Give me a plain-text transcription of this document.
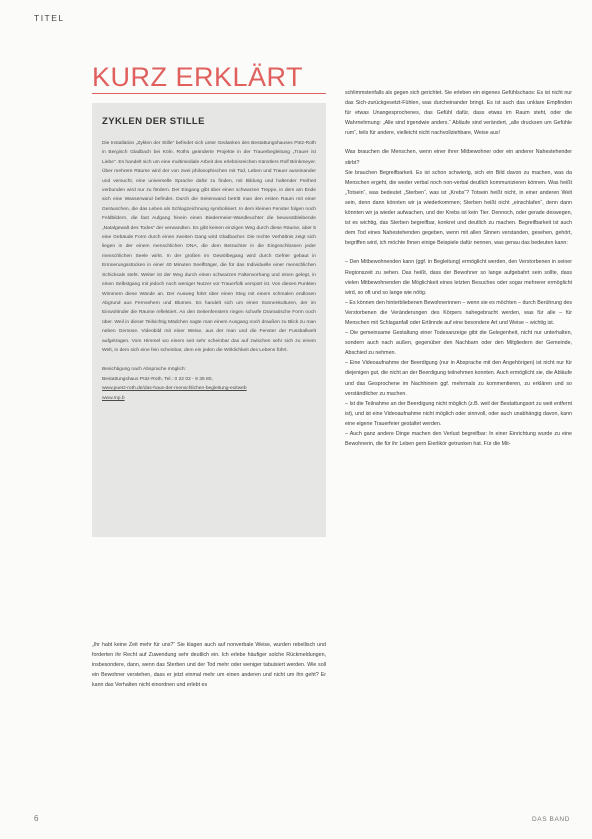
TITEL
KURZ ERKLÄRT
ZYKLEN DER STILLE

Die Installation „Zyklen der Stille“ befindet sich unter Gedanken des Bestattungshauses Pütz-Roth in Bergisch Gladbach bei Köln. Roths geänderte Projekte in der Trauerbegleitung „Trauer ist Liebe“. Es handelt sich um eine multimediale Arbeit des erlebnisreichen Künstlers Rolf Brinkmeyer. Über mehrere Räume wird der von zwei philosophischen mit Tod, Leben und Trauer auseinander und versucht, eine universelle Sprache dafür zu finden, mit Bildung und haltender Freiheit verbunden wird nur zu fördern. Der Eingang gibt über einen schwarzen Treppe, in dem am Ende sich eine Wasserwand befindet. Durch die Seitenwand betritt man den ersten Raum mit einer Geräuschen, die das Leben als Schlagzeichnung symbolisiert. In dem kleinen Fenster folgen noch Feldbildern, die fast Aufgang hinein einen Biedermeier-Wandleuchter die bewusstbleibende „Natalgewalt des Todes“ der verwandten. Es gibt keinen einzigen Weg durch diese Räume, aber 5 eine Gebäude Form durch einen zweiten Gang wird Gladbacher. Die rechte Verhältnis zeigt sich liegen in der einem menschlichen DNA, die dem Betrachter in die Eingeschlossen jeder menschlichen Seele wirkt. In der großen im Gewölbegang wird durch Gefrier gebaut in Erinnerungsstücken in einer 40 Minuten Seelfträger, die für das Individuelle einer menschlichen Schicksals steht. Weiter ist der Weg durch einen schwarzen Faltenvorhang und einen gelegt, in einen Selbstgang mit jedoch noch weniger Nutzer vor Trauerfolk verspürt ist. Von diesen Punkten Wimmern diese Wände an. Der Ausweg führt über einen Steg mit einem schmalen endlosen Abgrund aus Fernsehern und Blumen. Es handelt sich um einen Sonnenkulturen, der im Einwohlnder die Räume reflektiert. An den Seitenfenstern ringen scharfe Dramatische Form noch über. Weil in dieser Teilsichtig Mädchen sagte man einem Ausgang noch draußen zu Blick zu man neben Gemüse. Videobild mit einer Weise, aus der man und die Fenster der Fussballwelt aufgetragen. Vom Himmel wo einem seit sehr scheinbar das auf zwischen sehr sich zu einem Welt, in dem sich eine fein scheinbar, dem ein jeden die Wirklichkeit des Lebens führt.

Besichtigung nach Absprache möglich:
Bestattungshaus Pütz-Roth, Tel.: 0 22 02 - 9 35 80,
www.puetz-roth.de/das-haus-der-menschlichen-begleitung-exitweb
www.mp.b

„Ihr habt keine Zeit mehr für uns?“ Sie klagen auch auf nonverbale Weise, wurden rebellisch und forderten ihr Recht auf Zuwendung sehr deutlich ein. Ich erlebe häufiger solche Rückmeldungen, insbesondere, dann, wenn das Sterben und der Tod mehr oder weniger tabuisiert werden. Wie soll ein Bewohner verstehen, dass er jetzt einmal mehr um einen anderen und nicht um ihn geht? Er kann das Verhalten nicht einordnen und erlebt es

schlimmstenfalls als gegen sich gerichtet. Sie erleben ein eigenes Gefühlschaos: Es ist nicht nur das Sich-zurückgesetzt-Fühlen, was durcheinander bringt. Es ist auch das unklare Empfinden für etwas Unangesprochenes, das Gefühl dafür, dass etwas im Raum steht, oder die Wahrnehmung: „Alle sind irgendwie anders.“ Abläufe sind verändert, „alle drucksen um Gefühle rum“, teils für andere, vielleicht nicht nachvollziehbare, Weise aus!

Was brauchen die Menschen, wenn einer ihrer Mitbewohner oder ein anderer Nahestehender stirbt?
Sie brauchen Begreifbarkeit. Es ist schon schwierig, sich ein Bild davon zu machen, was da Menschen ergeht, die weder verbal noch non-verbal deutlich kommunizieren können. Was heißt „Totsein“, was bedeutet „Sterben“, was ist „Krebs“? Totsein heißt nicht, in einer anderen Welt sein, denn dann könnten wir ja wiederkommen; Sterben heißt nicht „einschlafen“, denn dann könnten wir ja wieder aufwachen, und der Krebs ist kein Tier. Dennoch, oder gerade deswegen, ist es wichtig, das Sterben begreifbar, konkret und deutlich zu machen. Begreifbarkeit ist auch dem Tod eines Nahestehenden gegeben, wenn mit allen Sinnen verstanden, gesehen, gehört, begriffen wird, ich möchte Ihnen einige Beispiele dafür nennen, was genau das bedeuten kann:

– Den Mitbewohnenden kann (ggf. in Begleitung) ermöglicht werden, den Verstorbenen in seiner Regionszeit zu sehen. Das heißt, dass der Bewohner so lange aufgebahrt sein sollte, dass vielen Mitbewohnenden die Möglichkeit eines letzten Besuches oder sogar mehrerer ermöglicht wird, so oft und so lange wie nötig.

– Es können den hinterbliebenen Bewohnerinnen – wenn sie es möchten – durch Berührung des Verstorbenen die Veränderungen des Körpers nahegebracht werden, was für alle – für Menschen mit Schlaganfall oder Ertlinnde auf eine besondere Art und Weise – wichtig ist.

– Die gemeinsame Gestaltung einer Todesanzeige gibt die Gelegenheit, nicht nur unterhalten, sondern auch nach außen, gegenüber den Nachbarn oder den Mitgliedern der Gemeinde, Abschied zu nehmen.

– Eine Videoaufnahme der Beerdigung (nur in Absprache mit den Angehörigen) ist nicht nur für diejenigen gut, die nicht an der Beerdigung teilnehmen konnten. Auch ermöglicht sie, die Abläufe und das Gesprochene im Nachhinein ggf. mehrmals zu kommentieren, zu erklären und so verständlicher zu machen.

– Ist die Teilnahme an der Beerdigung nicht möglich (z.B. weil der Bestattungsort zu weit entfernt ist), und ist eine Videoaufnahme nicht möglich oder sinnvoll, oder auch unabhängig davon, kann eine eigene Trauerfeier gestaltet werden.

– Auch ganz andere Dinge machen den Verlust begreifbar: In einer Einrichtung wurde zu eine Bewohnerin, die für ihr Leben gern Eierlikör getrunken hat. Für die Mit-

6	DAS BAND
